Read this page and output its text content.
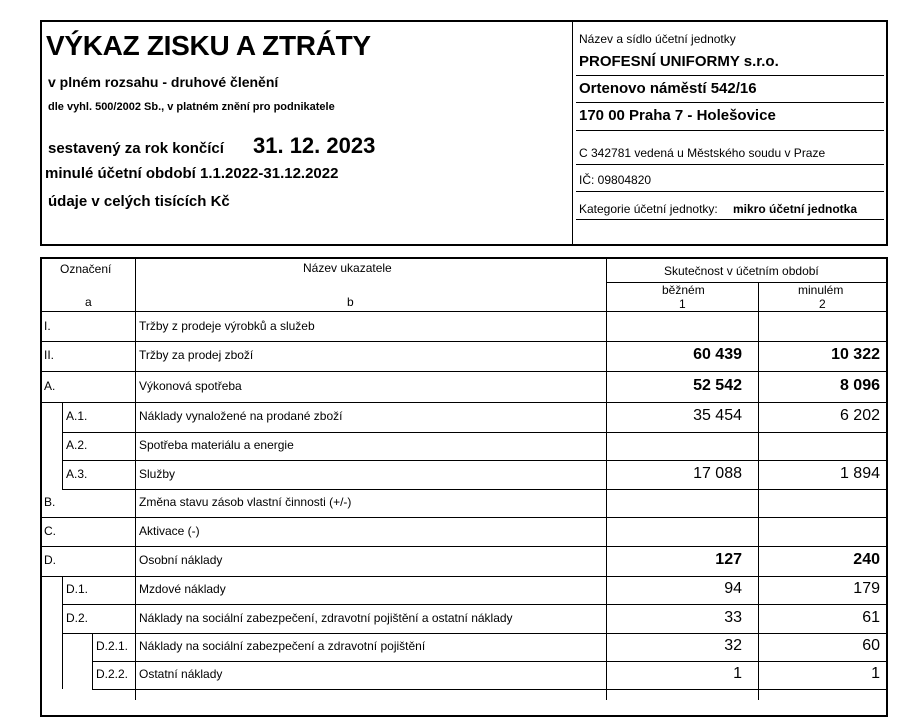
VÝKAZ ZISKU A ZTRÁTY
v plném rozsahu - druhové členění
dle vyhl. 500/2002 Sb., v platném znění pro podnikatele
sestavený za rok končící 31. 12. 2023
minulé účetní období 1.1.2022-31.12.2022
údaje v celých tisících Kč
Název a sídlo účetní jednotky
PROFESNÍ UNIFORMY s.r.o.
Ortenovo náměstí 542/16
170 00 Praha 7 - Holešovice
C 342781 vedená u Městského soudu v Praze
IČ: 09804820
Kategorie účetní jednotky: mikro účetní jednotka
Označení
a
Název ukazatele
b
Skutečnost v účetním období
běžném
1
minulém
2
I.	Tržby z prodeje výrobků a služeb
II.	Tržby za prodej zboží	60 439	10 322
A.	Výkonová spotřeba	52 542	8 096
A.1.	Náklady vynaložené na prodané zboží	35 454	6 202
A.2.	Spotřeba materiálu a energie
A.3.	Služby	17 088	1 894
B.	Změna stavu zásob vlastní činnosti (+/-)
C.	Aktivace (-)
D.	Osobní náklady	127	240
D.1.	Mzdové náklady	94	179
D.2.	Náklady na sociální zabezpečení, zdravotní pojištění a ostatní náklady	33	61
D.2.1. Náklady na sociální zabezpečení a zdravotní pojištění	32	60
D.2.2. Ostatní náklady	1	1
